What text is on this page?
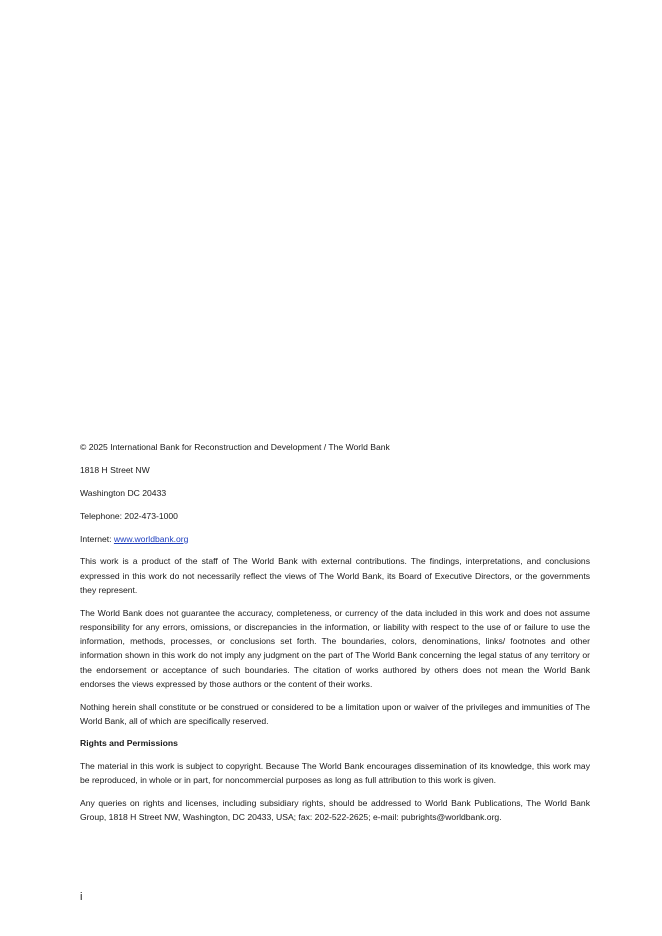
© 2025 International Bank for Reconstruction and Development / The World Bank

1818 H Street NW

Washington DC 20433

Telephone: 202-473-1000

Internet: www.worldbank.org

This work is a product of the staff of The World Bank with external contributions. The findings, interpretations, and conclusions expressed in this work do not necessarily reflect the views of The World Bank, its Board of Executive Directors, or the governments they represent.

The World Bank does not guarantee the accuracy, completeness, or currency of the data included in this work and does not assume responsibility for any errors, omissions, or discrepancies in the information, or liability with respect to the use of or failure to use the information, methods, processes, or conclusions set forth. The boundaries, colors, denominations, links/ footnotes and other information shown in this work do not imply any judgment on the part of The World Bank concerning the legal status of any territory or the endorsement or acceptance of such boundaries. The citation of works authored by others does not mean the World Bank endorses the views expressed by those authors or the content of their works.

Nothing herein shall constitute or be construed or considered to be a limitation upon or waiver of the privileges and immunities of The World Bank, all of which are specifically reserved.

Rights and Permissions

The material in this work is subject to copyright. Because The World Bank encourages dissemination of its knowledge, this work may be reproduced, in whole or in part, for noncommercial purposes as long as full attribution to this work is given.

Any queries on rights and licenses, including subsidiary rights, should be addressed to World Bank Publications, The World Bank Group, 1818 H Street NW, Washington, DC 20433, USA; fax: 202-522-2625; e-mail: pubrights@worldbank.org.

i
